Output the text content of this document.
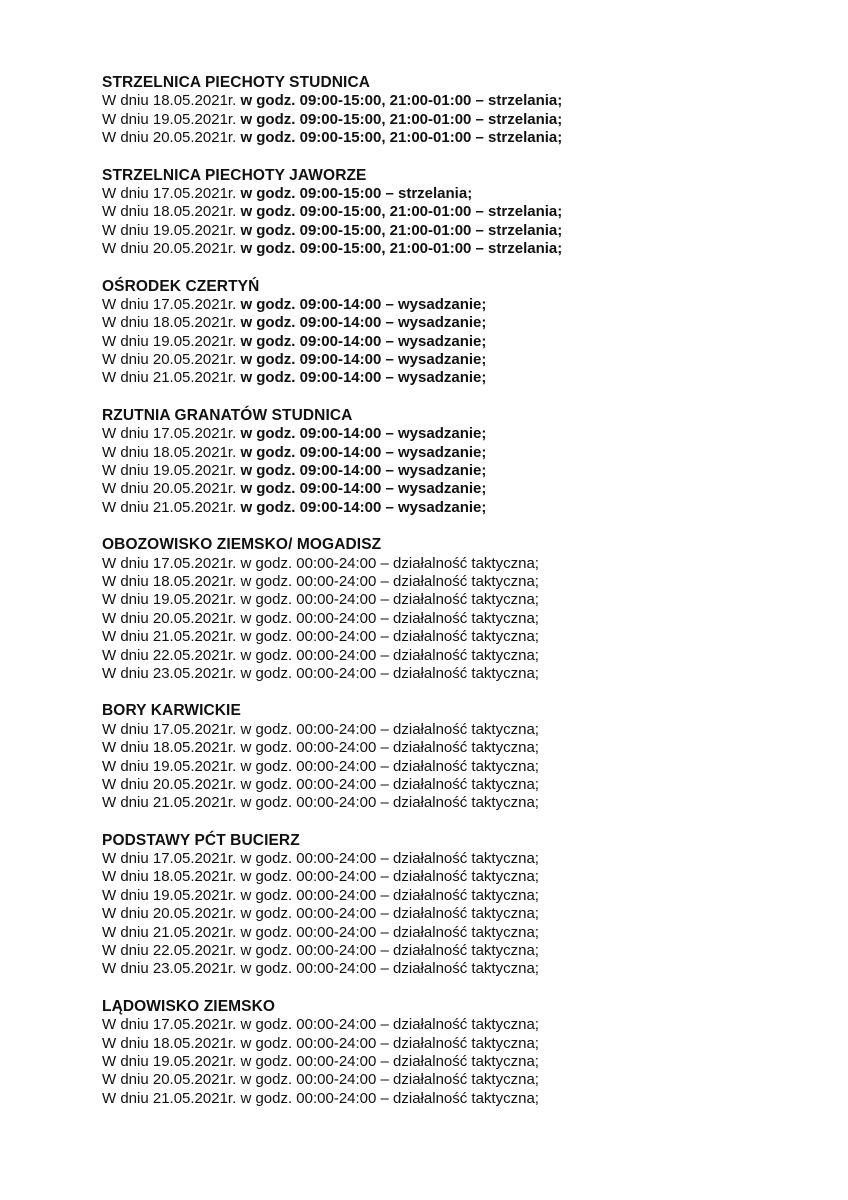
STRZELNICA PIECHOTY STUDNICA
W dniu 18.05.2021r. w godz. 09:00-15:00, 21:00-01:00 – strzelania;
W dniu 19.05.2021r. w godz. 09:00-15:00, 21:00-01:00 – strzelania;
W dniu 20.05.2021r. w godz. 09:00-15:00, 21:00-01:00 – strzelania;
STRZELNICA PIECHOTY JAWORZE
W dniu 17.05.2021r. w godz. 09:00-15:00 – strzelania;
W dniu 18.05.2021r. w godz. 09:00-15:00, 21:00-01:00 – strzelania;
W dniu 19.05.2021r. w godz. 09:00-15:00, 21:00-01:00 – strzelania;
W dniu 20.05.2021r. w godz. 09:00-15:00, 21:00-01:00 – strzelania;
OŚRODEK CZERTYŃ
W dniu 17.05.2021r. w godz. 09:00-14:00 – wysadzanie;
W dniu 18.05.2021r. w godz. 09:00-14:00 – wysadzanie;
W dniu 19.05.2021r. w godz. 09:00-14:00 – wysadzanie;
W dniu 20.05.2021r. w godz. 09:00-14:00 – wysadzanie;
W dniu 21.05.2021r. w godz. 09:00-14:00 – wysadzanie;
RZUTNIA GRANATÓW STUDNICA
W dniu 17.05.2021r. w godz. 09:00-14:00 – wysadzanie;
W dniu 18.05.2021r. w godz. 09:00-14:00 – wysadzanie;
W dniu 19.05.2021r. w godz. 09:00-14:00 – wysadzanie;
W dniu 20.05.2021r. w godz. 09:00-14:00 – wysadzanie;
W dniu 21.05.2021r. w godz. 09:00-14:00 – wysadzanie;
OBOZOWISKO ZIEMSKO/ MOGADISZ
W dniu 17.05.2021r. w godz. 00:00-24:00 – działalność taktyczna;
W dniu 18.05.2021r. w godz. 00:00-24:00 – działalność taktyczna;
W dniu 19.05.2021r. w godz. 00:00-24:00 – działalność taktyczna;
W dniu 20.05.2021r. w godz. 00:00-24:00 – działalność taktyczna;
W dniu 21.05.2021r. w godz. 00:00-24:00 – działalność taktyczna;
W dniu 22.05.2021r. w godz. 00:00-24:00 – działalność taktyczna;
W dniu 23.05.2021r. w godz. 00:00-24:00 – działalność taktyczna;
BORY KARWICKIE
W dniu 17.05.2021r. w godz. 00:00-24:00 – działalność taktyczna;
W dniu 18.05.2021r. w godz. 00:00-24:00 – działalność taktyczna;
W dniu 19.05.2021r. w godz. 00:00-24:00 – działalność taktyczna;
W dniu 20.05.2021r. w godz. 00:00-24:00 – działalność taktyczna;
W dniu 21.05.2021r. w godz. 00:00-24:00 – działalność taktyczna;
PODSTAWY PĆT BUCIERZ
W dniu 17.05.2021r. w godz. 00:00-24:00 – działalność taktyczna;
W dniu 18.05.2021r. w godz. 00:00-24:00 – działalność taktyczna;
W dniu 19.05.2021r. w godz. 00:00-24:00 – działalność taktyczna;
W dniu 20.05.2021r. w godz. 00:00-24:00 – działalność taktyczna;
W dniu 21.05.2021r. w godz. 00:00-24:00 – działalność taktyczna;
W dniu 22.05.2021r. w godz. 00:00-24:00 – działalność taktyczna;
W dniu 23.05.2021r. w godz. 00:00-24:00 – działalność taktyczna;
LĄDOWISKO ZIEMSKO
W dniu 17.05.2021r. w godz. 00:00-24:00 – działalność taktyczna;
W dniu 18.05.2021r. w godz. 00:00-24:00 – działalność taktyczna;
W dniu 19.05.2021r. w godz. 00:00-24:00 – działalność taktyczna;
W dniu 20.05.2021r. w godz. 00:00-24:00 – działalność taktyczna;
W dniu 21.05.2021r. w godz. 00:00-24:00 – działalność taktyczna;
